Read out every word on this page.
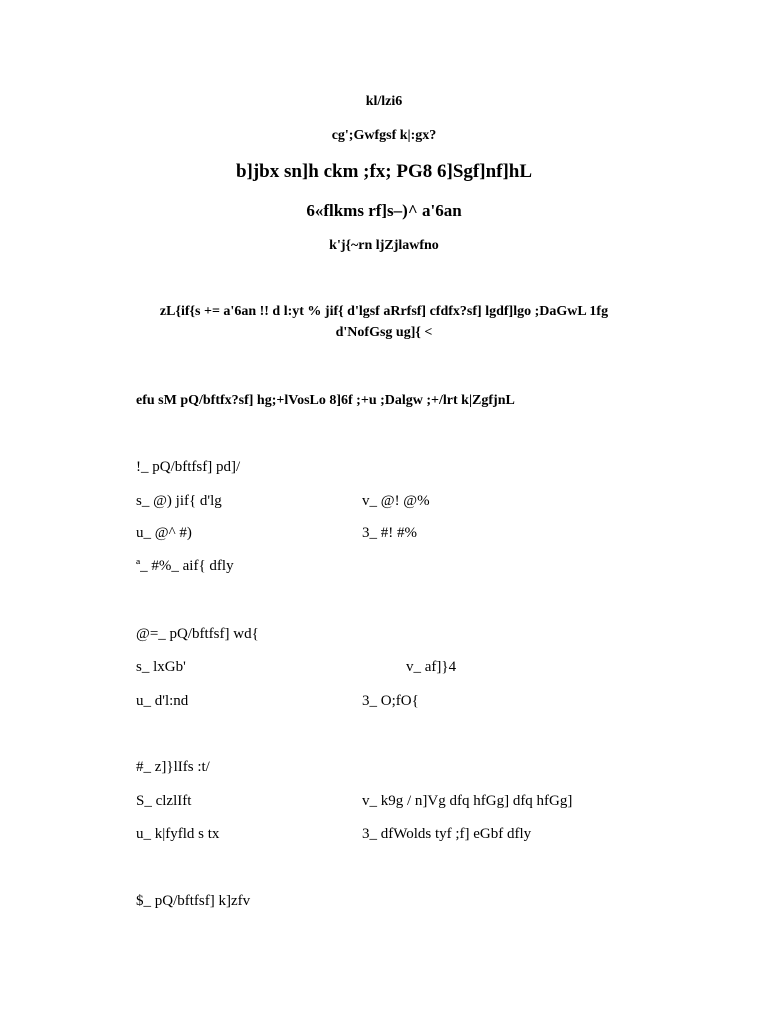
kl/lzi6
cg';Gwfgsf k|:gx?
b]jbx sn]h ckm ;fx; PG8 6]Sgf]nf]hL
6«flkms rf]s–)^ a'6an
k'j{~rn ljZjlawfno
zL{if{s += a'6an !! d l:yt % jif{ d'lgsf aRrfsf] cfdfx?sf] lgdf]lgo ;DaGwL 1fg
d'NofGsg ug]{ <
efu sM pQ/bftfx?sf] hg;+lVosLo 8]6f ;+u ;Dalgw ;+/lrt k|ZgfjnL
!_ pQ/bftfsf] pd]/
s_ @) jif{ d'lg	v_ @! @%
u_ @^ #)	3_ #! #%
ª_ #%_ aif{ dfly
@=_ pQ/bftfsf] wd{
s_ lxGb'	v_ af]}4
u_ d'l:nd	3_ O;fO{
#_ z]}lIfs :t/
S_ clzlIft	v_ k9g / n]Vg dfq hfGg] dfq hfGg]
u_ k|fyfld s tx	3_ dfWolds tyf ;f] eGbf dfly
$_ pQ/bftfsf] k]zfv
